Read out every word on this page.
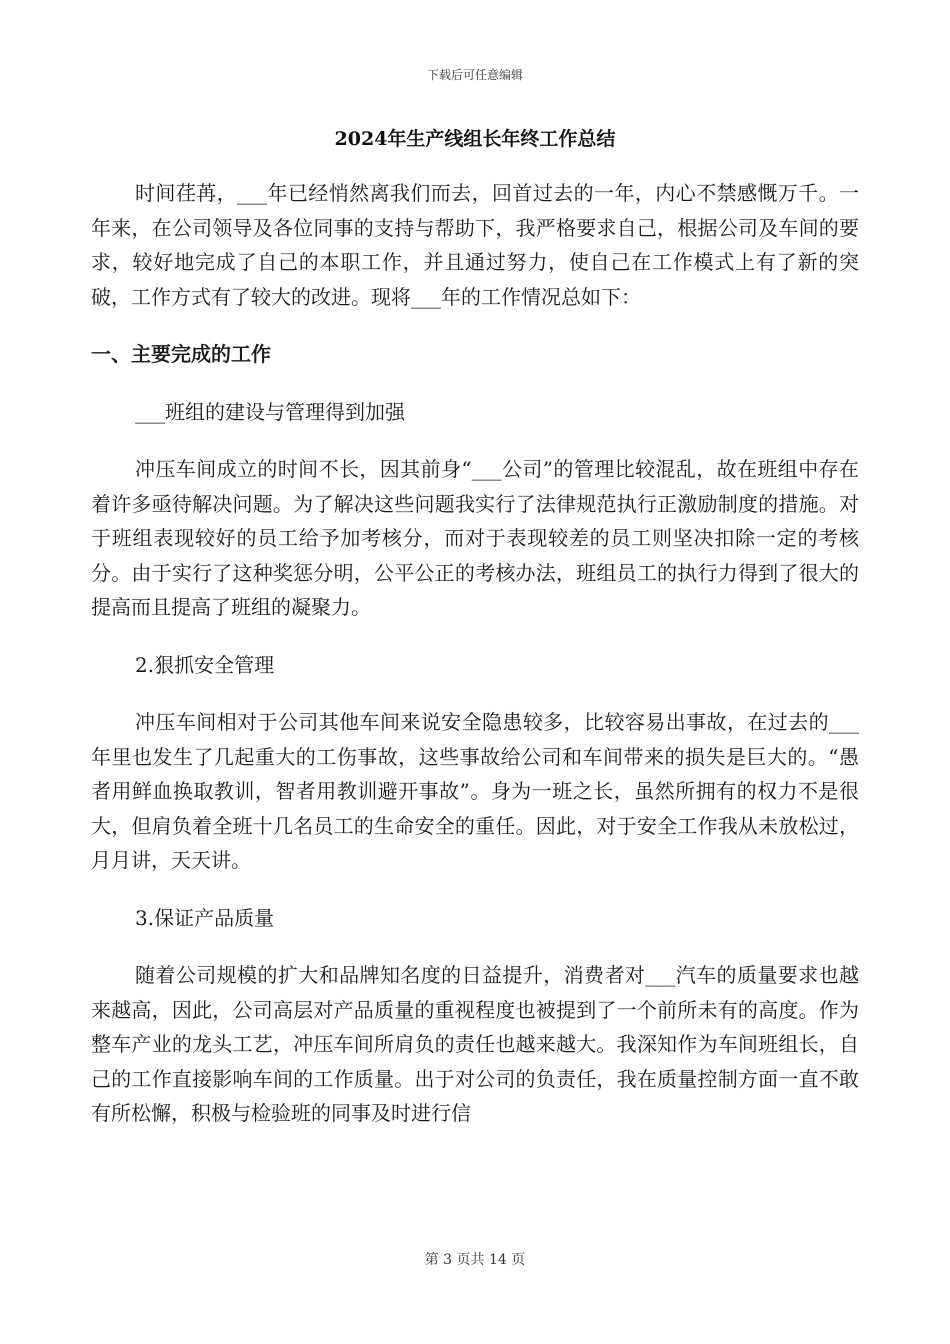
下载后可任意编辑
2024年生产线组长年终工作总结

时间荏苒，___年已经悄然离我们而去，回首过去的一年，内心不禁感慨万千。一年来，在公司领导及各位同事的支持与帮助下，我严格要求自己，根据公司及车间的要求，较好地完成了自己的本职工作，并且通过努力，使自己在工作模式上有了新的突破，工作方式有了较大的改进。现将___年的工作情况总如下：

一、主要完成的工作

___班组的建设与管理得到加强

冲压车间成立的时间不长，因其前身“___公司”的管理比较混乱，故在班组中存在着许多亟待解决问题。为了解决这些问题我实行了法律规范执行正激励制度的措施。对于班组表现较好的员工给予加考核分，而对于表现较差的员工则坚决扣除一定的考核分。由于实行了这种奖惩分明，公平公正的考核办法，班组员工的执行力得到了很大的提高而且提高了班组的凝聚力。

2.狠抓安全管理

冲压车间相对于公司其他车间来说安全隐患较多，比较容易出事故，在过去的___年里也发生了几起重大的工伤事故，这些事故给公司和车间带来的损失是巨大的。“愚者用鲜血换取教训，智者用教训避开事故”。身为一班之长，虽然所拥有的权力不是很大，但肩负着全班十几名员工的生命安全的重任。因此，对于安全工作我从未放松过，月月讲，天天讲。

3.保证产品质量

随着公司规模的扩大和品牌知名度的日益提升，消费者对___汽车的质量要求也越来越高，因此，公司高层对产品质量的重视程度也被提到了一个前所未有的高度。作为整车产业的龙头工艺，冲压车间所肩负的责任也越来越大。我深知作为车间班组长，自己的工作直接影响车间的工作质量。出于对公司的负责任，我在质量控制方面一直不敢有所松懈，积极与检验班的同事及时进行信

第 3 页共 14 页
